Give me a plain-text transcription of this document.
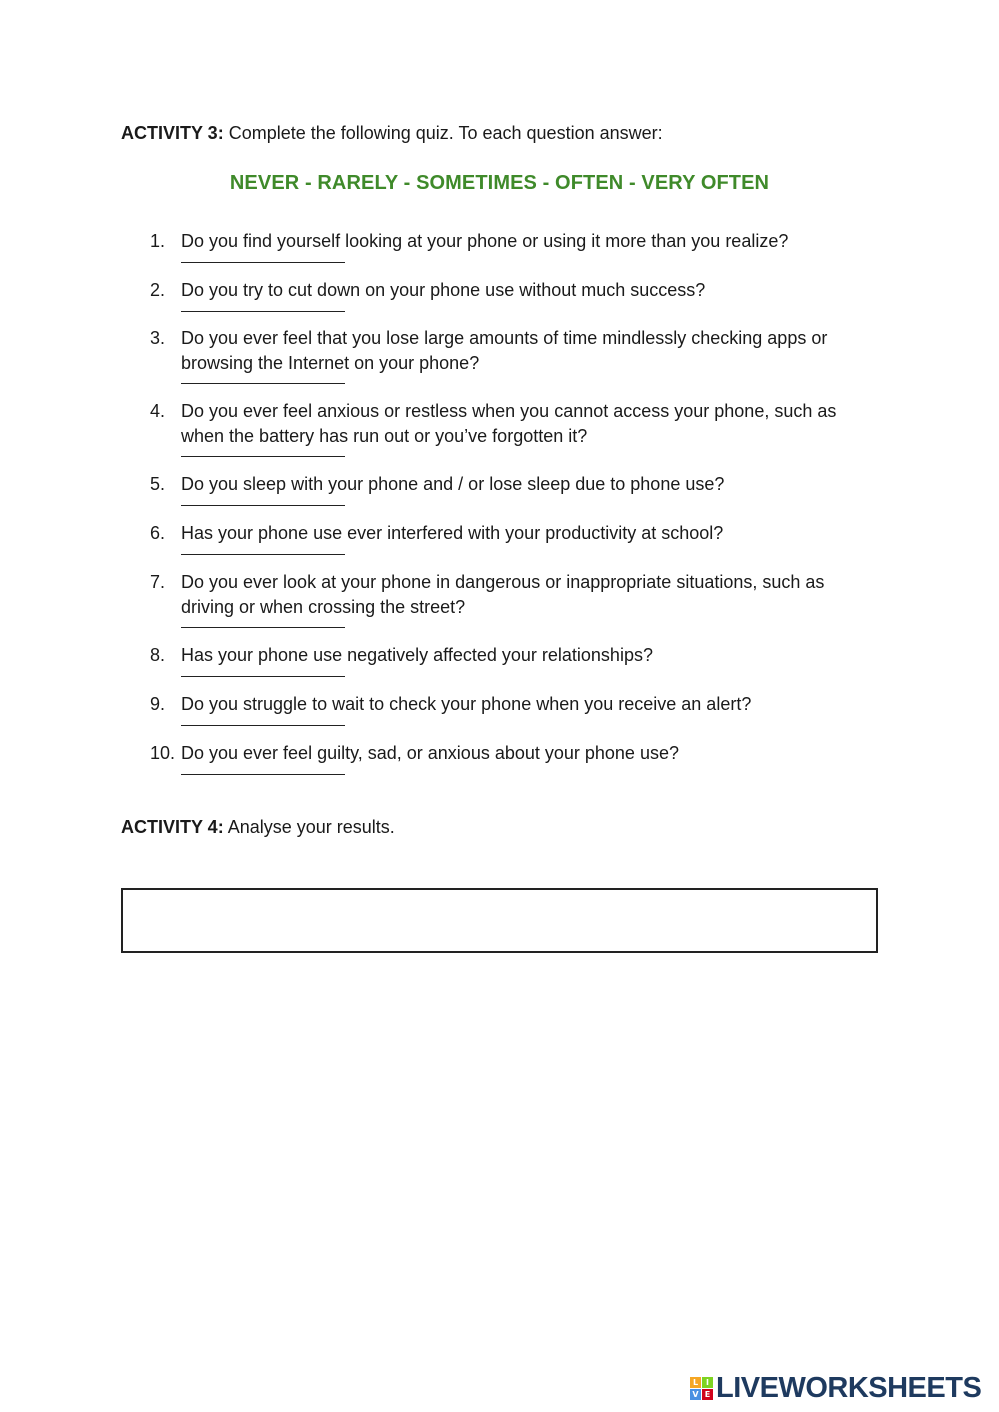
ACTIVITY 3: Complete the following quiz. To each question answer:
NEVER - RARELY - SOMETIMES - OFTEN - VERY OFTEN
1. Do you find yourself looking at your phone or using it more than you realize?
2. Do you try to cut down on your phone use without much success?
3. Do you ever feel that you lose large amounts of time mindlessly checking apps or browsing the Internet on your phone?
4. Do you ever feel anxious or restless when you cannot access your phone, such as when the battery has run out or you’ve forgotten it?
5. Do you sleep with your phone and / or lose sleep due to phone use?
6. Has your phone use ever interfered with your productivity at school?
7. Do you ever look at your phone in dangerous or inappropriate situations, such as driving or when crossing the street?
8. Has your phone use negatively affected your relationships?
9. Do you struggle to wait to check your phone when you receive an alert?
10. Do you ever feel guilty, sad, or anxious about your phone use?
ACTIVITY 4: Analyse your results.
L I
V E LIVEWORKSHEETS
